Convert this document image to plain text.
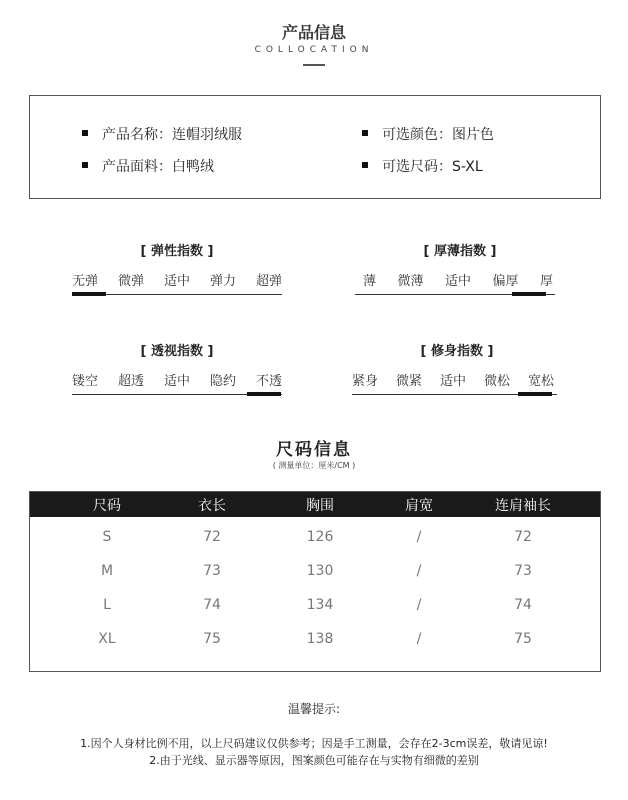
产品信息
COLLOCATION
产品名称：连帽羽绒服	可选颜色：图片色
产品面料：白鸭绒	可选尺码：S-XL
[ 弹性指数 ]
无弹 微弹 适中 弹力 超弹
[ 厚薄指数 ]
薄 微薄 适中 偏厚 厚
[ 透视指数 ]
镂空 超透 适中 隐约 不透
[ 修身指数 ]
紧身 微紧 适中 微松 宽松
尺码信息
( 测量单位：厘米/CM )
尺码	衣长	胸围	肩宽	连肩袖长
S	72	126	/	72
M	73	130	/	73
L	74	134	/	74
XL	75	138	/	75
温馨提示:
1.因个人身材比例不用，以上尺码建议仅供参考；因是手工测量，会存在2-3cm误差，敬请见谅!
2.由于光线、显示器等原因，图案颜色可能存在与实物有细微的差别
